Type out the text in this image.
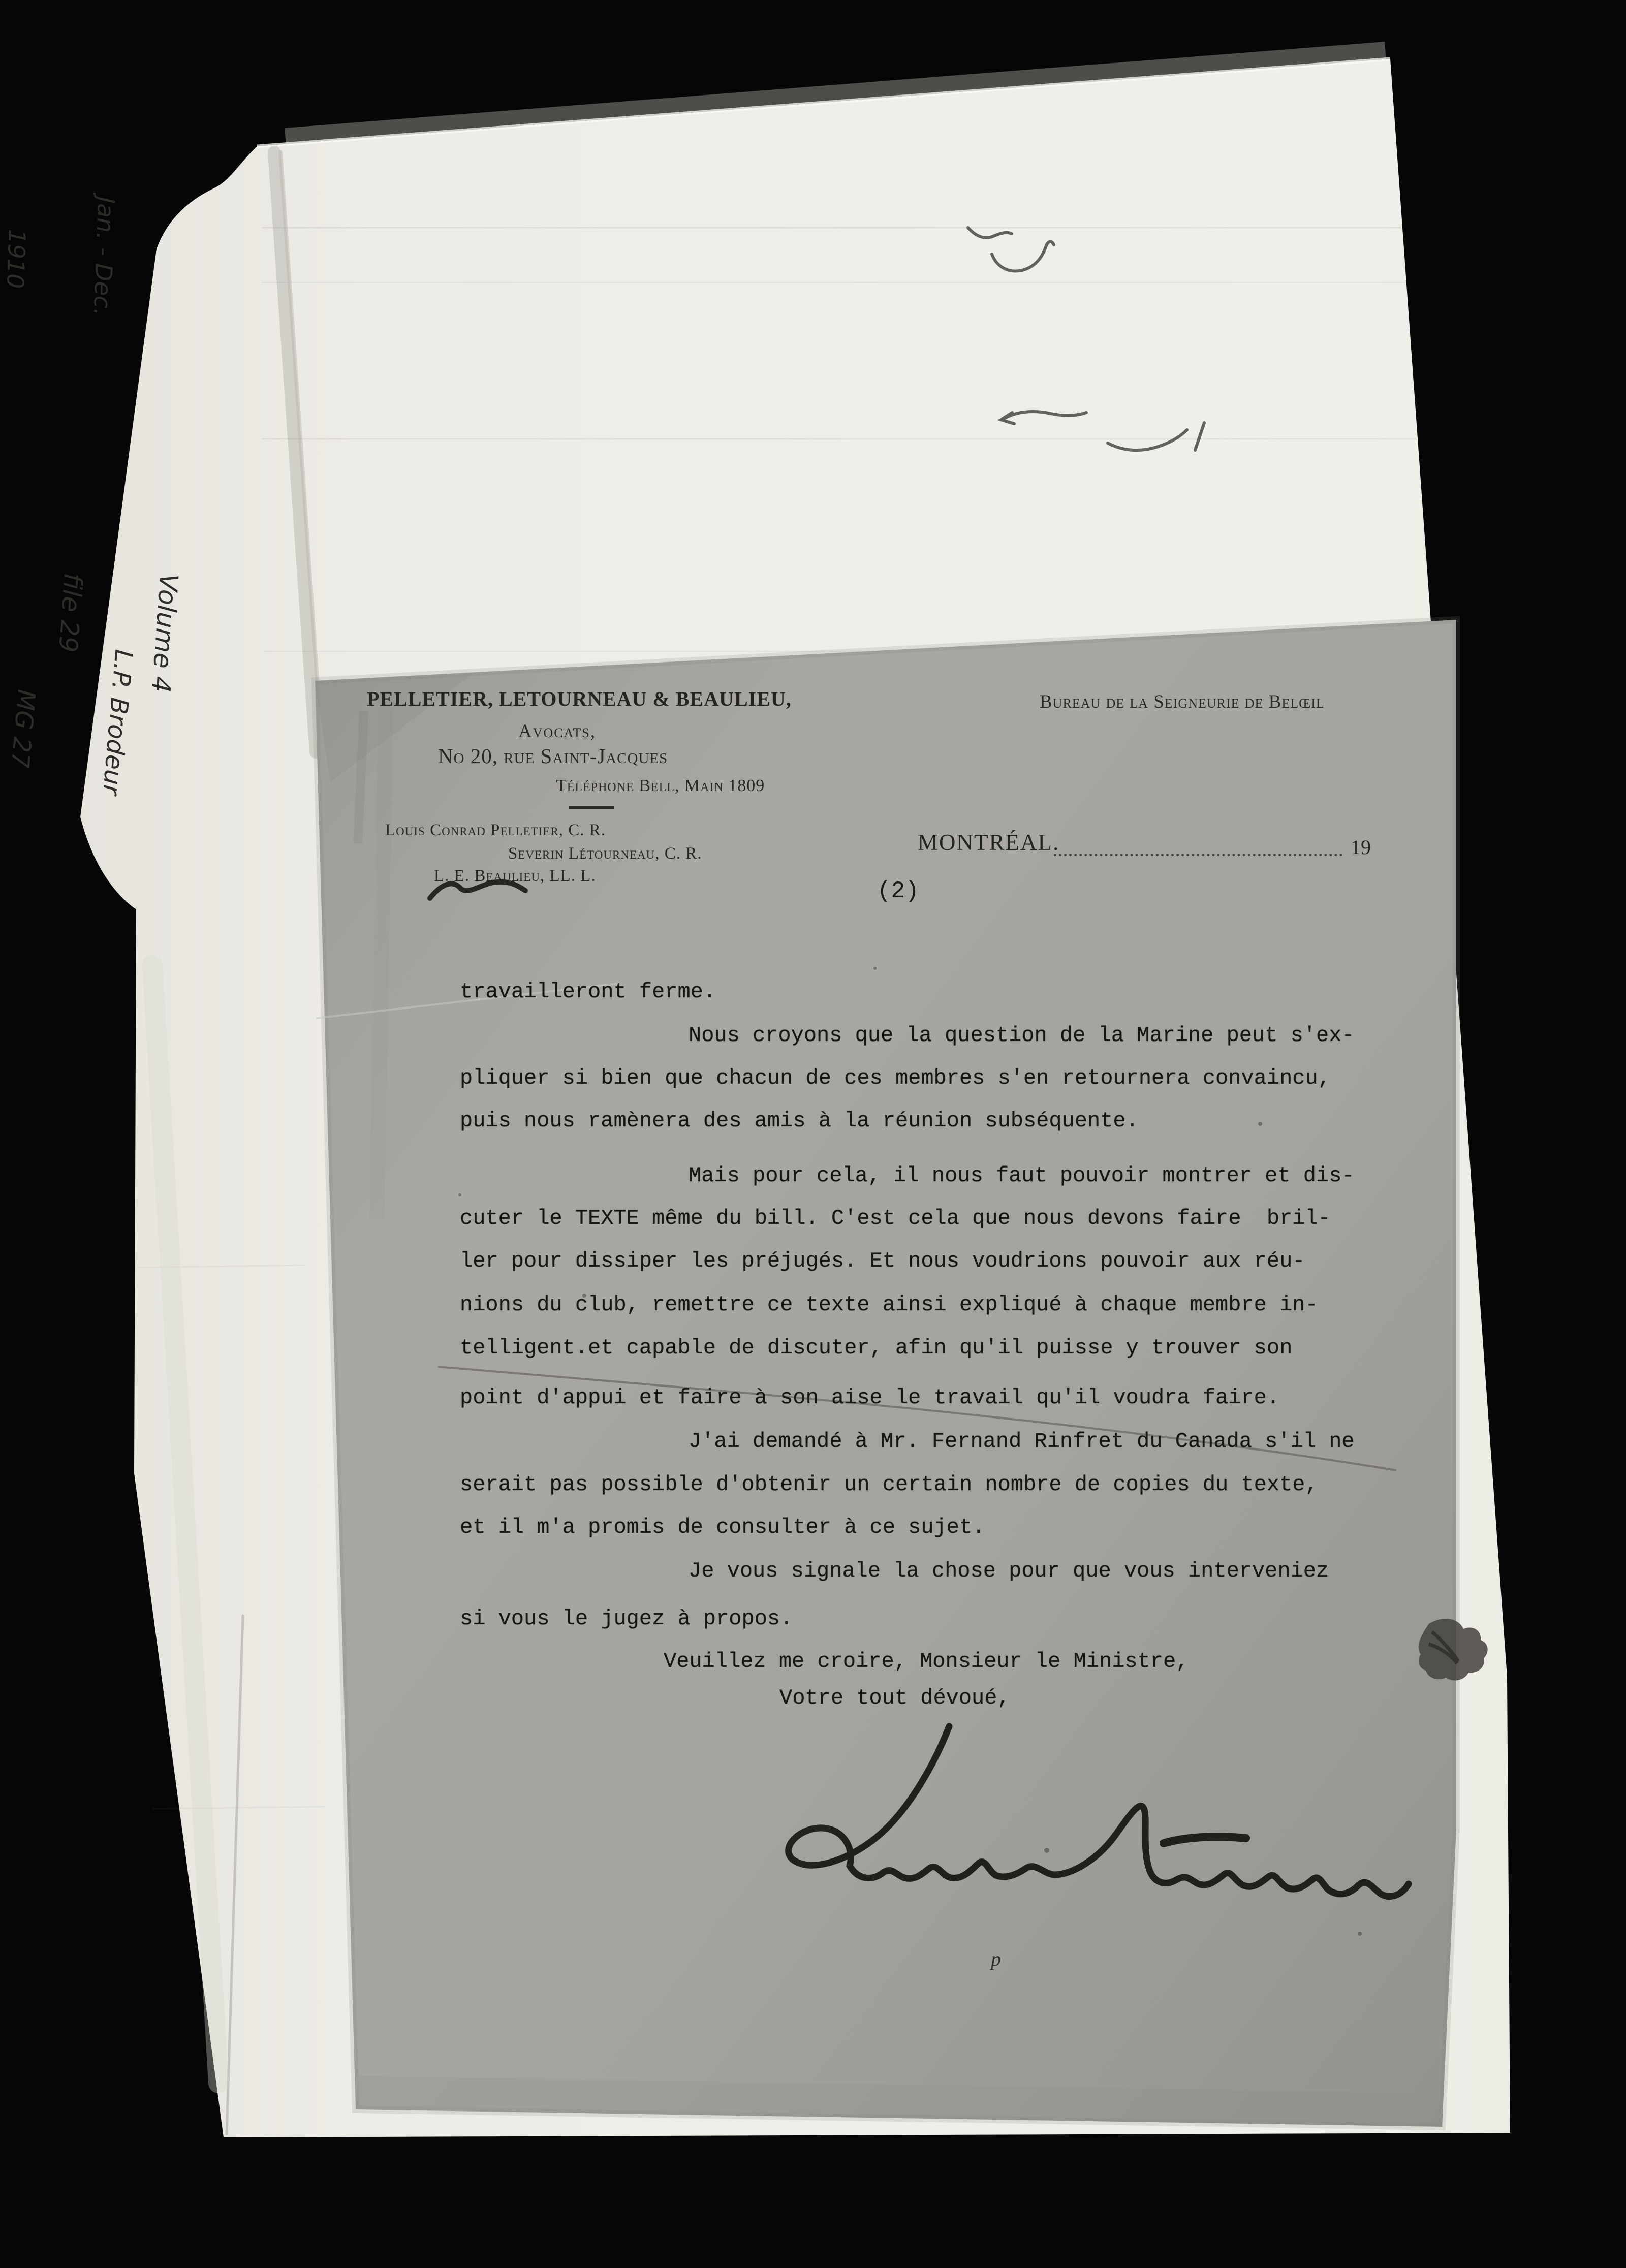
Jan. - Dec.

1910

Volume 4

file 29

L.P. Brodeur

MG 27

	PELLETIER, LETOURNEAU & BEAULIEU,
Avocats,
No 20, rue Saint-Jacques
Téléphone Bell, Main 1809
Louis Conrad Pelletier, C. R.
Severin Létourneau, C. R.
L. E. Beaulieu, LL. L.
Bureau de la Seigneurie de Belœil
MONTRÉAL.	19
(2)
travailleront ferme.
Nous croyons que la question de la Marine peut s'ex-
pliquer si bien que chacun de ces membres s'en retournera convaincu,
puis nous ramènera des amis à la réunion subséquente.
Mais pour cela, il nous faut pouvoir montrer et dis-
cuter le TEXTE même du bill. C'est cela que nous devons faire  bril-
ler pour dissiper les préjugés. Et nous voudrions pouvoir aux réu-
nions du club, remettre ce texte ainsi expliqué à chaque membre in-
telligent.et capable de discuter, afin qu'il puisse y trouver son
point d'appui et faire à son aise le travail qu'il voudra faire.
J'ai demandé à Mr. Fernand Rinfret du Canada s'il ne
serait pas possible d'obtenir un certain nombre de copies du texte,
et il m'a promis de consulter à ce sujet.
Je vous signale la chose pour que vous interveniez
si vous le jugez à propos.
Veuillez me croire, Monsieur le Ministre,
Votre tout dévoué,
p
